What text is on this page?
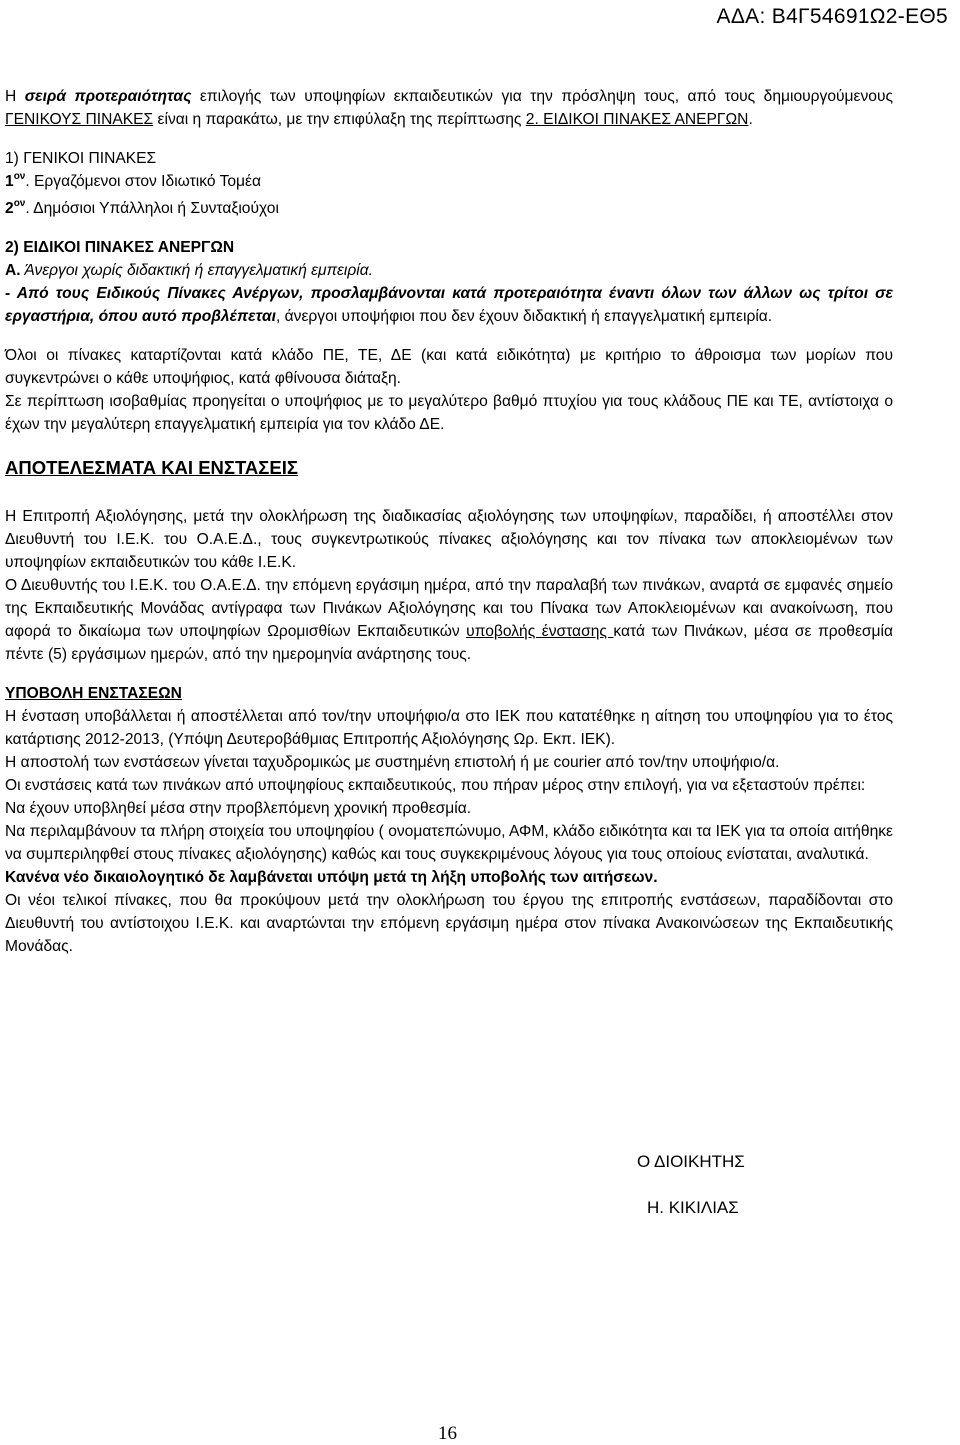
ΑΔΑ: Β4Γ54691Ω2-ΕΘ5

Η σειρά προτεραιότητας επιλογής των υποψηφίων εκπαιδευτικών για την πρόσληψη τους, από τους δημιουργούμενους ΓΕΝΙΚΟΥΣ ΠΙΝΑΚΕΣ είναι η παρακάτω, με την επιφύλαξη της περίπτωσης 2. ΕΙΔΙΚΟΙ ΠΙΝΑΚΕΣ ΑΝΕΡΓΩΝ.

1) ΓΕΝΙΚΟΙ ΠΙΝΑΚΕΣ

$1^{o\nu}$. Εργαζόμενοι στον Ιδιωτικό Τομέα

$2^{o\nu}$. Δημόσιοι Υπάλληλοι ή Συνταξιούχοι

2) ΕΙΔΙΚΟΙ ΠΙΝΑΚΕΣ ΑΝΕΡΓΩΝ

Α. Άνεργοι χωρίς διδακτική ή επαγγελματική εμπειρία.

- Από τους Ειδικούς Πίνακες Ανέργων, προσλαμβάνονται κατά προτεραιότητα έναντι όλων των άλλων ως τρίτοι σε εργαστήρια, όπου αυτό προβλέπεται, άνεργοι υποψήφιοι που δεν έχουν διδακτική ή επαγγελματική εμπειρία.

Όλοι οι πίνακες καταρτίζονται κατά κλάδο ΠΕ, ΤΕ, ΔΕ (και κατά ειδικότητα) με κριτήριο το άθροισμα των μορίων που συγκεντρώνει ο κάθε υποψήφιος, κατά φθίνουσα διάταξη.

Σε περίπτωση ισοβαθμίας προηγείται ο υποψήφιος με το μεγαλύτερο βαθμό πτυχίου για τους κλάδους ΠΕ και ΤΕ, αντίστοιχα ο έχων την μεγαλύτερη επαγγελματική εμπειρία για τον κλάδο ΔΕ.

ΑΠΟΤΕΛΕΣΜΑΤΑ ΚΑΙ ΕΝΣΤΑΣΕΙΣ

Η Επιτροπή Αξιολόγησης, μετά την ολοκλήρωση της διαδικασίας αξιολόγησης των υποψηφίων, παραδίδει, ή αποστέλλει στον Διευθυντή του Ι.Ε.Κ. του Ο.Α.Ε.Δ., τους συγκεντρωτικούς πίνακες αξιολόγησης και τον πίνακα των αποκλειομένων των υποψηφίων εκπαιδευτικών του κάθε Ι.Ε.Κ.

Ο Διευθυντής του Ι.Ε.Κ. του Ο.Α.Ε.Δ. την επόμενη εργάσιμη ημέρα, από την παραλαβή των πινάκων, αναρτά σε εμφανές σημείο της Εκπαιδευτικής Μονάδας αντίγραφα των Πινάκων Αξιολόγησης και του Πίνακα των Αποκλειομένων και ανακοίνωση, που αφορά το δικαίωμα των υποψηφίων Ωρομισθίων Εκπαιδευτικών υποβολής ένστασης κατά των Πινάκων, μέσα σε προθεσμία πέντε (5) εργάσιμων ημερών, από την ημερομηνία ανάρτησης τους.

ΥΠΟΒΟΛΗ ΕΝΣΤΑΣΕΩΝ

Η ένσταση υποβάλλεται ή αποστέλλεται από τον/την υποψήφιο/α στο ΙΕΚ που κατατέθηκε η αίτηση του υποψηφίου για το έτος κατάρτισης 2012-2013, (Υπόψη Δευτεροβάθμιας Επιτροπής Αξιολόγησης Ωρ. Εκπ. ΙΕΚ).

Η αποστολή των ενστάσεων γίνεται ταχυδρομικώς με συστημένη επιστολή ή με courier από τον/την υποψήφιο/α.

Οι ενστάσεις κατά των πινάκων από υποψηφίους εκπαιδευτικούς, που πήραν μέρος στην επιλογή, για να εξεταστούν πρέπει:

Να έχουν υποβληθεί μέσα στην προβλεπόμενη χρονική προθεσμία.

Να περιλαμβάνουν τα πλήρη στοιχεία του υποψηφίου ( ονοματεπώνυμο, ΑΦΜ, κλάδο ειδικότητα και τα ΙΕΚ για τα οποία αιτήθηκε να συμπεριληφθεί στους πίνακες αξιολόγησης) καθώς και τους συγκεκριμένους λόγους για τους οποίους ενίσταται, αναλυτικά.

Κανένα νέο δικαιολογητικό δε λαμβάνεται υπόψη μετά τη λήξη υποβολής των αιτήσεων.

Οι νέοι τελικοί πίνακες, που θα προκύψουν μετά την ολοκλήρωση του έργου της επιτροπής ενστάσεων, παραδίδονται στο Διευθυντή του αντίστοιχου Ι.Ε.Κ. και αναρτώνται την επόμενη εργάσιμη ημέρα στον πίνακα Ανακοινώσεων της Εκπαιδευτικής Μονάδας.

Ο ΔΙΟΙΚΗΤΗΣ
Η. ΚΙΚΙΛΙΑΣ
16
